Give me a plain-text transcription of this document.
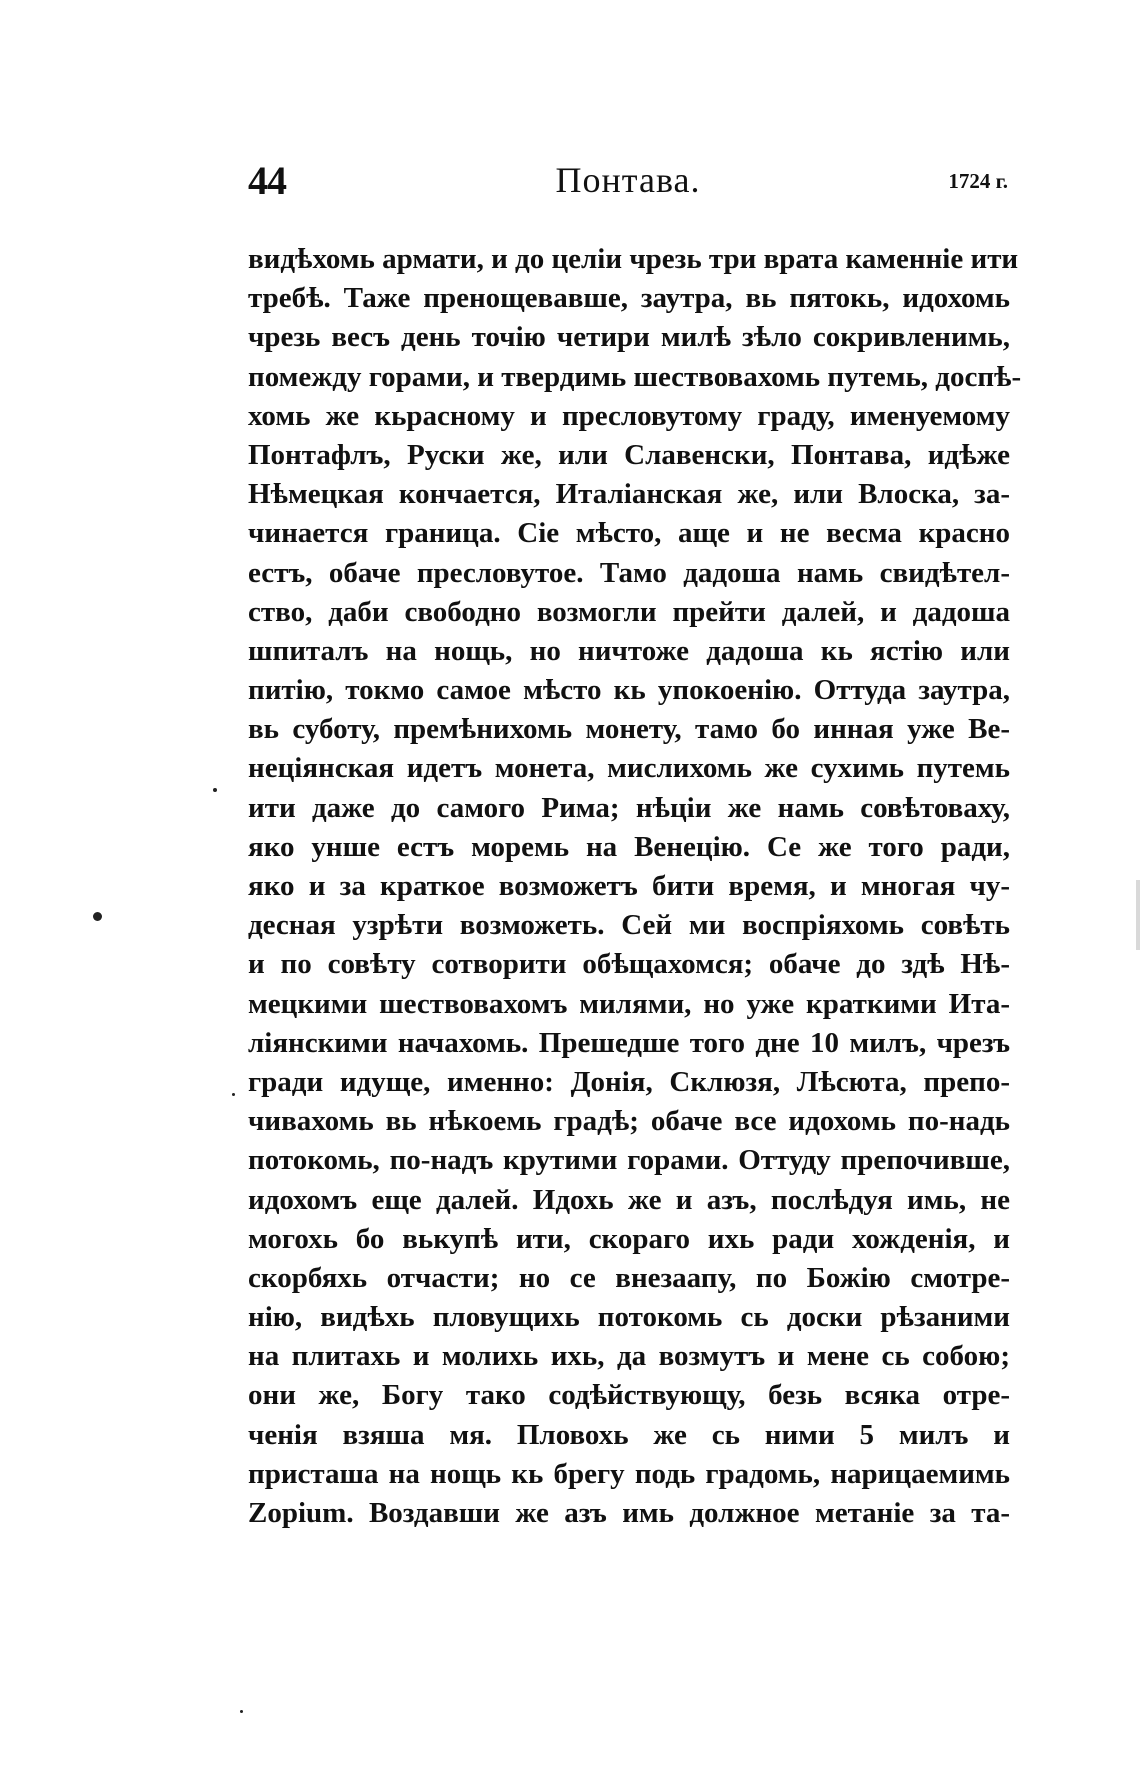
44	Понтава.	1724 г.
видѣхомь армати, и до целіи чрезь три врата каменніе ити
требѣ. Таже пренощевавше, заутра, вь пятокь, идохомь
чрезь весъ день точію четири милѣ зѣло сокривленимь,
помежду горами, и твердимь шествовахомь путемь, доспѣ-
хомь же кьрасному и пресловутому граду, именуемому
Понтафлъ, Руски же, или Славенски, Понтава, идѣже
Нѣмецкая кончается, Италіанская же, или Влоска, за-
чинается граница. Сіе мѣсто, аще и не весма красно
естъ, обаче пресловутое. Тамо дадоша намь свидѣтел-
ство, даби свободно возмогли прейти далей, и дадоша
шпиталъ на нощь, но ничтоже дадоша кь ястію или
питію, токмо самое мѣсто кь упокоенію. Оттуда заутра,
вь суботу, премѣнихомь монету, тамо бо инная уже Ве-
неціянская идетъ монета, мислихомь же сухимь путемь
ити даже до самого Рима; нѣціи же намь совѣтоваху,
яко унше естъ моремь на Венецію. Се же того ради,
яко и за краткое возможетъ бити время, и многая чу-
десная узрѣти возможеть. Сей ми воспріяхомь совѣть
и по совѣту сотворити обѣщахомся; обаче до здѣ Нѣ-
мецкими шествовахомъ милями, но уже краткими Ита-
ліянскими начахомь. Прешедше того дне 10 милъ, чрезъ
гради идуще, именно: Донія, Склюзя, Лѣсюта, препо-
чивахомь вь нѣкоемь градѣ; обаче все идохомь по-надь
потокомь, по-надъ крутими горами. Оттуду препочивше,
идохомъ еще далей. Идохь же и азъ, послѣдуя имь, не
могохь бо вькупѣ ити, скораго ихь ради хожденія, и
скорбяхь отчасти; но се внезаапу, по Божію смотре-
нію, видѣхь пловущихь потокомь сь доски рѣзаними
на плитахь и молихь ихь, да возмутъ и мене сь собою;
они же, Богу тако содѣйствующу, безь всяка отре-
ченія взяша мя. Пловохь же сь ними 5 милъ и
присташа на нощь кь брегу подь градомь, нарицаемимь
Zopium. Воздавши же азъ имь должное метаніе за та-
